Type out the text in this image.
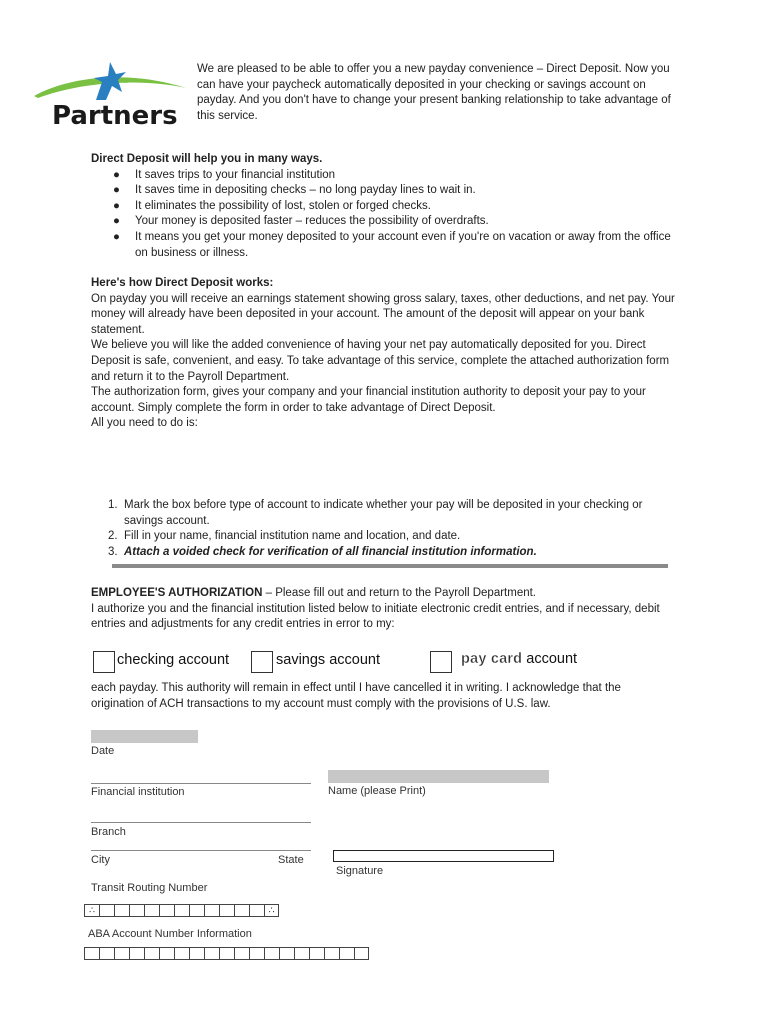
Partners

We are pleased to be able to offer you a new payday convenience – Direct Deposit. Now you can have your paycheck automatically deposited in your checking or savings account on payday. And you don't have to change your present banking relationship to take advantage of this service.

Direct Deposit will help you in many ways.

● It saves trips to your financial institution
● It saves time in depositing checks – no long payday lines to wait in.
● It eliminates the possibility of lost, stolen or forged checks.
● Your money is deposited faster – reduces the possibility of overdrafts.
● It means you get your money deposited to your account even if you're on vacation or away from the office on business or illness.

Here's how Direct Deposit works:

On payday you will receive an earnings statement showing gross salary, taxes, other deductions, and net pay. Your money will already have been deposited in your account. The amount of the deposit will appear on your bank statement.

We believe you will like the added convenience of having your net pay automatically deposited for you. Direct Deposit is safe, convenient, and easy. To take advantage of this service, complete the attached authorization form and return it to the Payroll Department.

The authorization form, gives your company and your financial institution authority to deposit your pay to your account. Simply complete the form in order to take advantage of Direct Deposit.

All you need to do is:

1. Mark the box before type of account to indicate whether your pay will be deposited in your checking or savings account.
2. Fill in your name, financial institution name and location, and date.
3. Attach a voided check for verification of all financial institution information.

EMPLOYEE'S AUTHORIZATION – Please fill out and return to the Payroll Department.

I authorize you and the financial institution listed below to initiate electronic credit entries, and if necessary, debit entries and adjustments for any credit entries in error to my:

checking account	savings account	pay card account

each payday. This authority will remain in effect until I have cancelled it in writing. I acknowledge that the origination of ACH transactions to my account must comply with the provisions of U.S. law.

Date
Financial institution	Name (please Print)
Branch
City	State
Signature
Transit Routing Number
∴	∴
ABA Account Number Information
